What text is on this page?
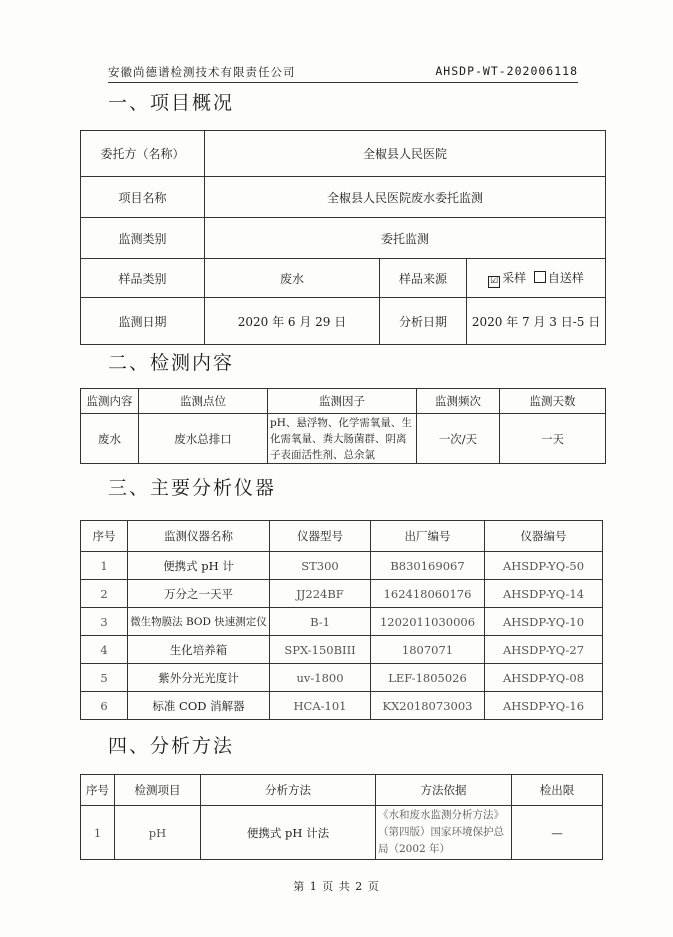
安徽尚德谱检测技术有限责任公司	AHSDP-WT-202006118
一、项目概况
委托方（名称）	全椒县人民医院		
项目名称	全椒县人民医院废水委托监测		
监测类别	委托监测		
样品类别	废水	样品来源	☑ 采样 自送样
监测日期	2020 年 6 月 29 日	分析日期	2020 年 7 月 3 日-5 日
二、检测内容
监测内容	监测点位	监测因子	监测频次	监测天数
废水	废水总排口	pH、悬浮物、化学需氧量、生化需氧量、粪大肠菌群、阴离子表面活性剂、总余氯	一次/天	一天
三、主要分析仪器
序号	监测仪器名称	仪器型号	出厂编号	仪器编号
1	便携式 pH 计	ST300	B830169067	AHSDP-YQ-50
2	万分之一天平	JJ224BF	162418060176	AHSDP-YQ-14
3	微生物膜法 BOD 快速测定仪	B-1	1202011030006	AHSDP-YQ-10
4	生化培养箱	SPX-150BIII	1807071	AHSDP-YQ-27
5	紫外分光光度计	uv-1800	LEF-1805026	AHSDP-YQ-08
6	标准 COD 消解器	HCA-101	KX2018073003	AHSDP-YQ-16
四、分析方法
序号	检测项目	分析方法	方法依据	检出限
1	pH	便携式 pH 计法	《水和废水监测分析方法》（第四版）国家环境保护总局（2002 年）	—
第 1 页 共 2 页
